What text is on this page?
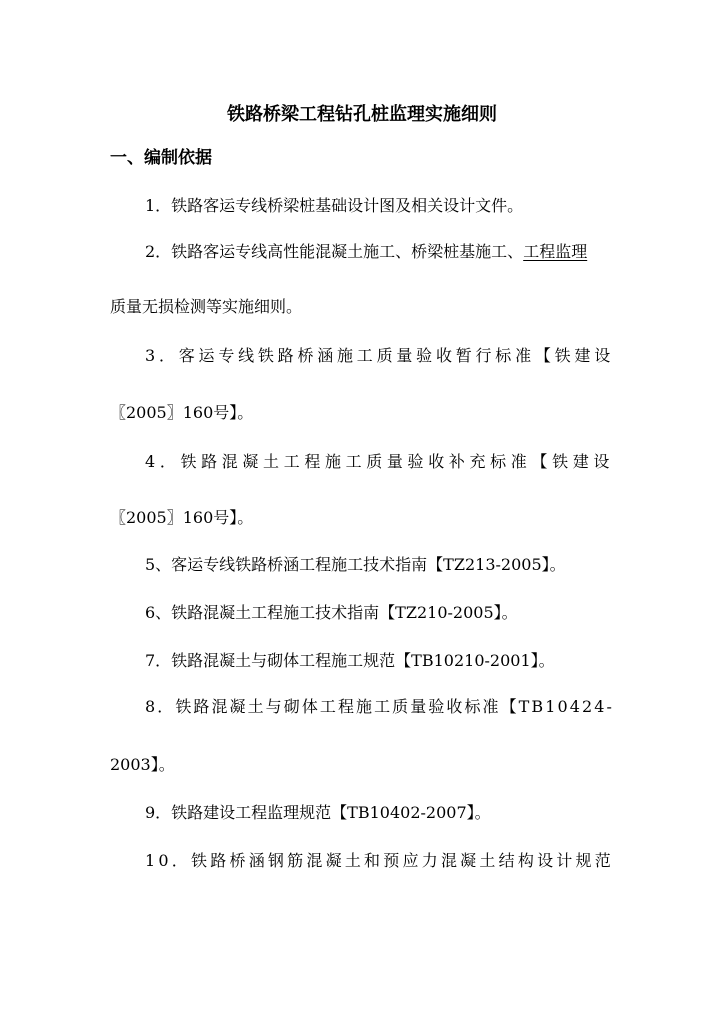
铁路桥梁工程钻孔桩监理实施细则
一、编制依据

1．铁路客运专线桥梁桩基础设计图及相关设计文件。

2．铁路客运专线高性能混凝土施工、桥梁桩基施工、工程监理

质量无损检测等实施细则。

3．客运专线铁路桥涵施工质量验收暂行标准【铁建设

〖2005〗160号】。

4．铁路混凝土工程施工质量验收补充标准【铁建设

〖2005〗160号】。

5、客运专线铁路桥涵工程施工技术指南【TZ213-2005】。

6、铁路混凝土工程施工技术指南【TZ210-2005】。

7．铁路混凝土与砌体工程施工规范【TB10210-2001】。

8．铁路混凝土与砌体工程施工质量验收标准【TB10424-

2003】。

9．铁路建设工程监理规范【TB10402-2007】。

10．铁路桥涵钢筋混凝土和预应力混凝土结构设计规范
